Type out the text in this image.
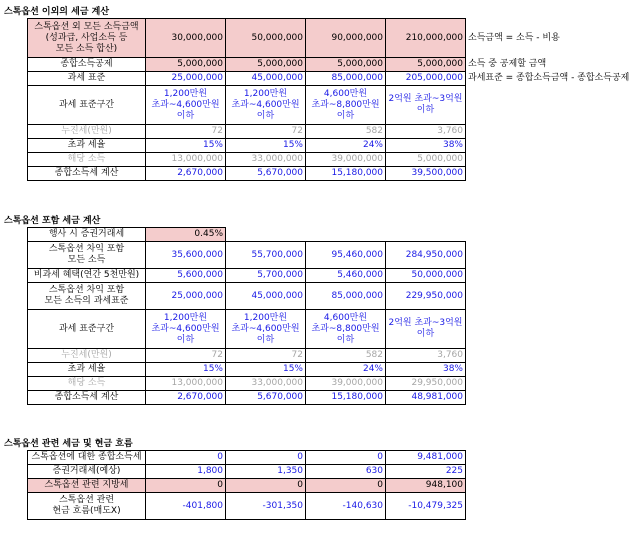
스톡옵션 이외의 세금 계산
스톡옵션 외 모든 소득금액
(성과급, 사업소득 등
모든 소득 합산)	30,000,000	50,000,000	90,000,000	210,000,000	소득금액 = 소득 - 비용
종합소득공제	5,000,000	5,000,000	5,000,000	5,000,000	소득 중 공제할 금액
과세 표준	25,000,000	45,000,000	85,000,000	205,000,000	과세표준 = 종합소득금액 - 종합소득공제
과세 표준구간	1,200만원
초과~4,600만원
이하	1,200만원
초과~4,600만원
이하	4,600만원
초과~8,800만원
이하	2억원 초과~3억원
이하	
누진세(만원)	72	72	582	3,760	
초과 세율	15%	15%	24%	38%	
해당 소득	13,000,000	33,000,000	39,000,000	5,000,000	
종합소득세 계산	2,670,000	5,670,000	15,180,000	39,500,000	
스톡옵션 포함 세금 계산
행사 시 증권거래세	0.45%			
스톡옵션 차익 포함
모든 소득	35,600,000	55,700,000	95,460,000	284,950,000
비과세 혜택(연간 5천만원)	5,600,000	5,700,000	5,460,000	50,000,000
스톡옵션 차익 포함
모든 소득의 과세표준	25,000,000	45,000,000	85,000,000	229,950,000
과세 표준구간	1,200만원
초과~4,600만원
이하	1,200만원
초과~4,600만원
이하	4,600만원
초과~8,800만원
이하	2억원 초과~3억원
이하
누진세(만원)	72	72	582	3,760
초과 세율	15%	15%	24%	38%
해당 소득	13,000,000	33,000,000	39,000,000	29,950,000
종합소득세 계산	2,670,000	5,670,000	15,180,000	48,981,000
스톡옵션 관련 세금 및 현금 흐름
스톡옵션에 대한 종합소득세	0	0	0	9,481,000
증권거래세(예상)	1,800	1,350	630	225
스톡옵션 관련 지방세	0	0	0	948,100
스톡옵션 관련
현금 흐름(매도X)	-401,800	-301,350	-140,630	-10,479,325
